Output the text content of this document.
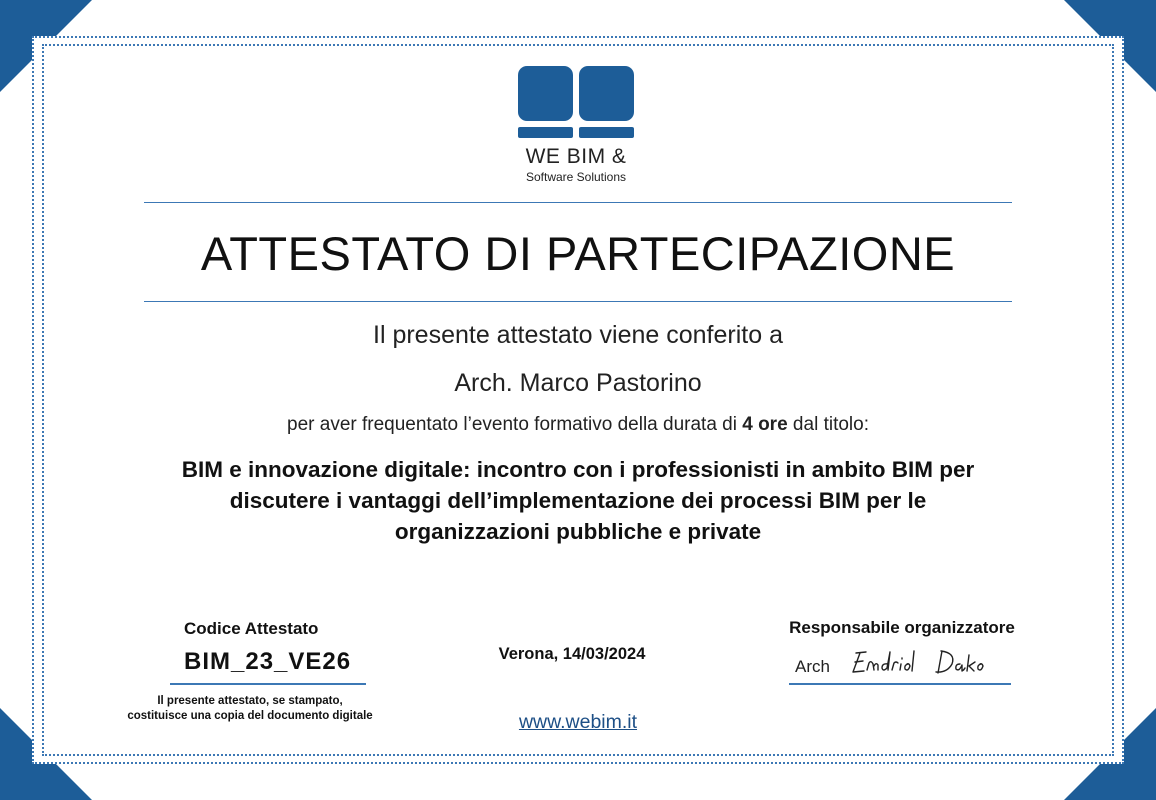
WE BIM &
Software Solutions
ATTESTATO DI PARTECIPAZIONE
Il presente attestato viene conferito a
Arch. Marco Pastorino
per aver frequentato l’evento formativo della durata di 4 ore dal titolo:
BIM e innovazione digitale: incontro con i professionisti in ambito BIM per discutere i vantaggi dell’implementazione dei processi BIM per le organizzazioni pubbliche e private
Codice Attestato
BIM_23_VE26
Il presente attestato, se stampato,
costituisce una copia del documento digitale
Verona, 14/03/2024
www.webim.it
Responsabile organizzatore
Arch
